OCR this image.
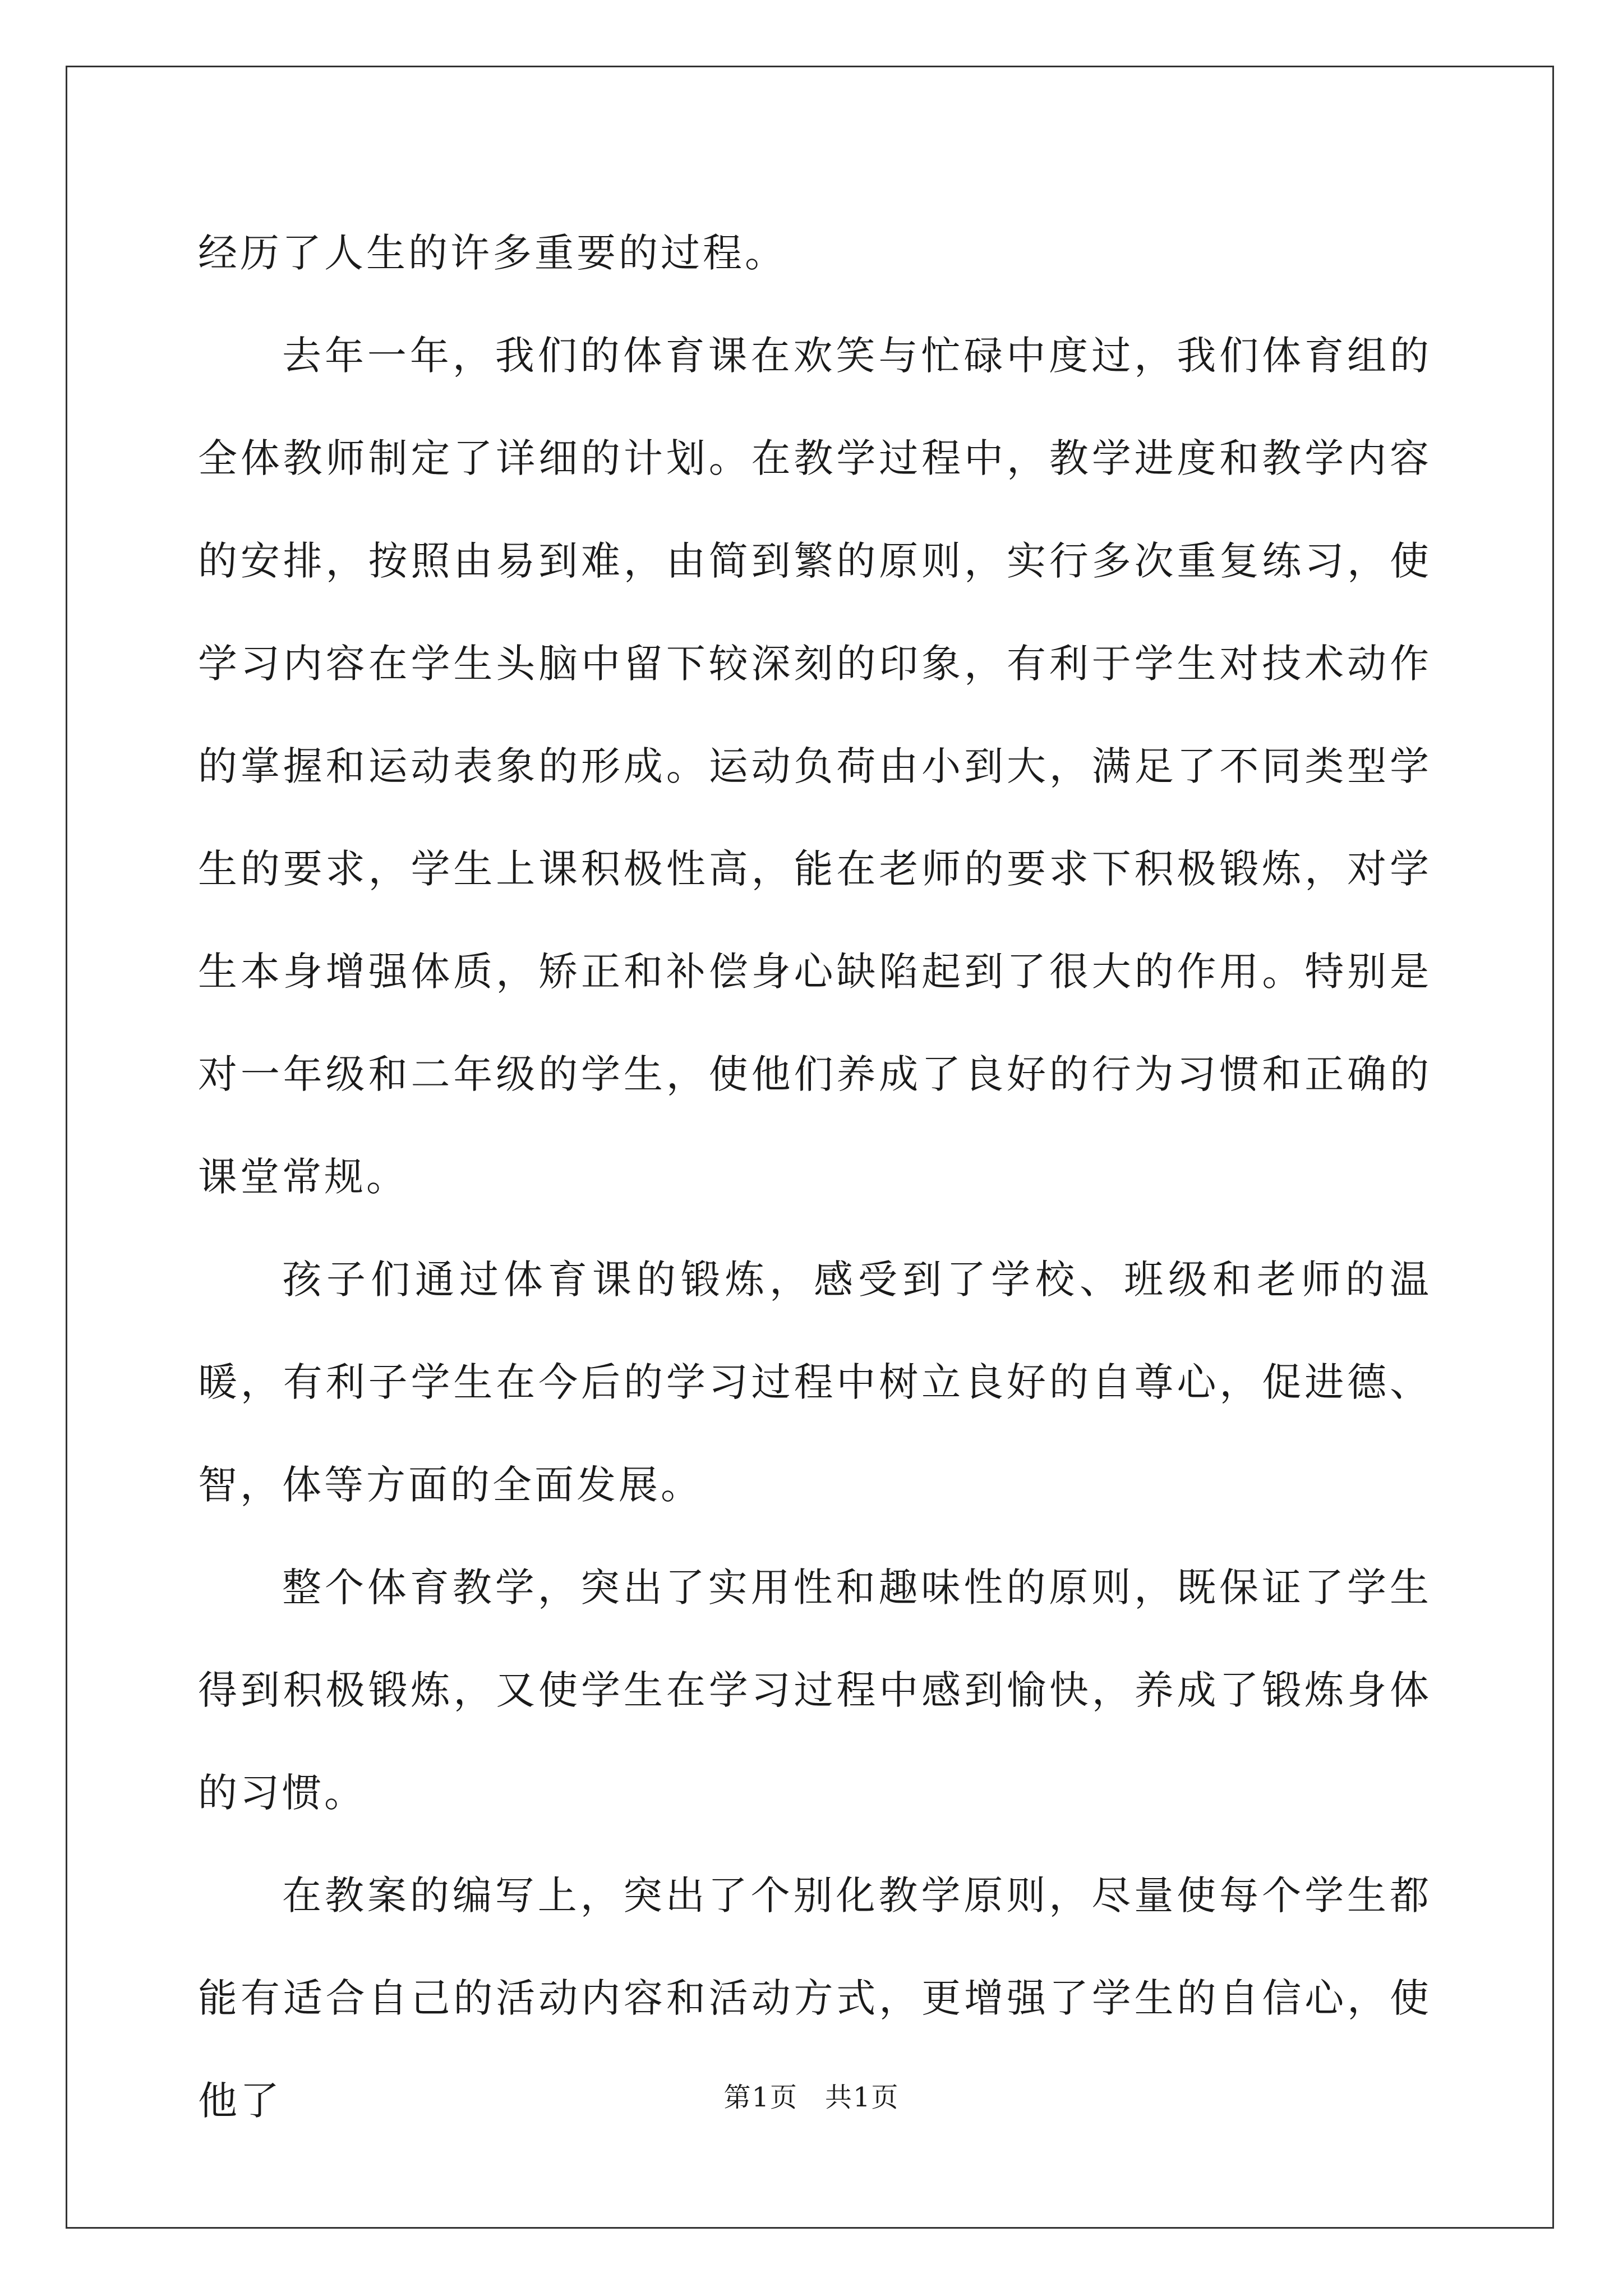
经历了人生的许多重要的过程。

去年一年，我们的体育课在欢笑与忙碌中度过，我们体育组的全体教师制定了详细的计划。在教学过程中，教学进度和教学内容的安排，按照由易到难，由简到繁的原则，实行多次重复练习，使学习内容在学生头脑中留下较深刻的印象，有利于学生对技术动作的掌握和运动表象的形成。运动负荷由小到大，满足了不同类型学生的要求，学生上课积极性高，能在老师的要求下积极锻炼，对学生本身增强体质，矫正和补偿身心缺陷起到了很大的作用。特别是对一年级和二年级的学生，使他们养成了良好的行为习惯和正确的课堂常规。

孩子们通过体育课的锻炼，感受到了学校、班级和老师的温暖，有利子学生在今后的学习过程中树立良好的自尊心，促进德、智，体等方面的全面发展。

整个体育教学，突出了实用性和趣味性的原则，既保证了学生得到积极锻炼，又使学生在学习过程中感到愉快，养成了锻炼身体的习惯。

在教案的编写上，突出了个别化教学原则，尽量使每个学生都能有适合自己的活动内容和活动方式，更增强了学生的自信心，使他了	第1页 共1页
